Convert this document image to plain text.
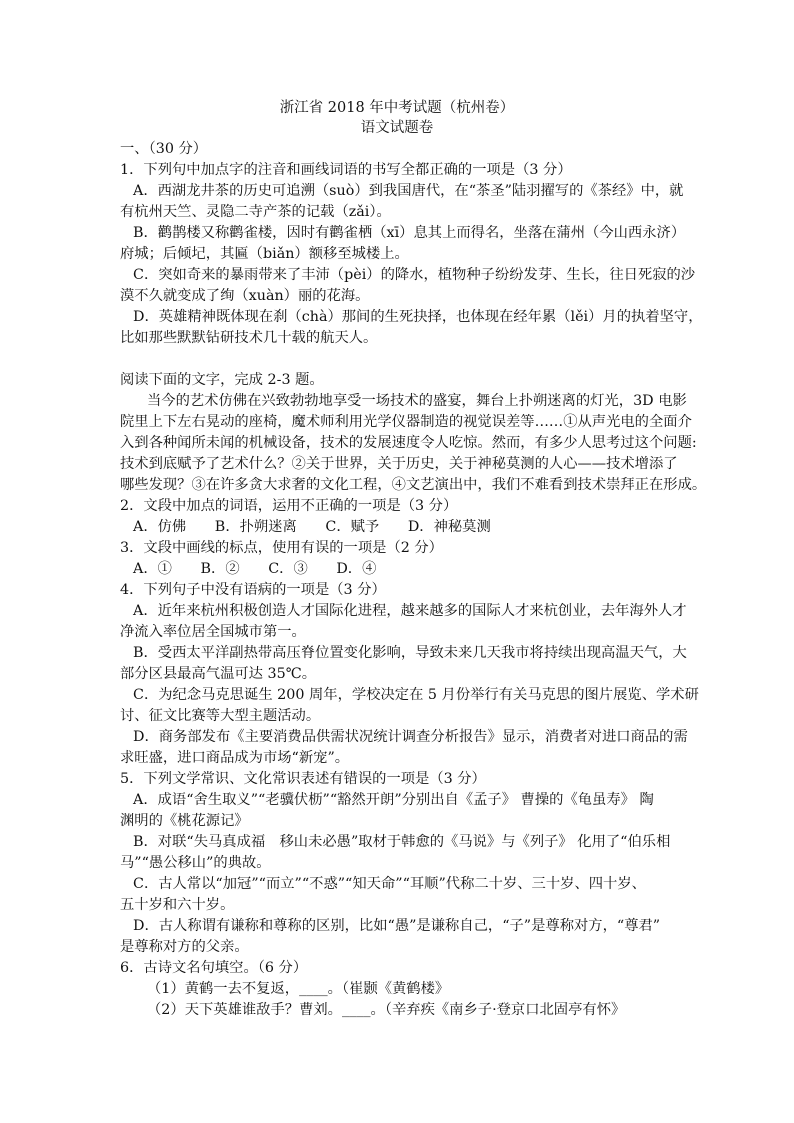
浙江省 2018 年中考试题（杭州卷）
语文试题卷
一、（30 分）
1．下列句中加点字的注音和画线词语的书写全都正确的一项是（3 分）
A．西湖龙井茶的历史可追溯（suò）到我国唐代，在“茶圣”陆羽擢写的《茶经》中，就
有杭州天竺、灵隐二寺产茶的记载（zǎi）。
B．鹳鹊楼又称鹳雀楼，因时有鹳雀栖（xī）息其上而得名，坐落在蒲州（今山西永济）
府城；后倾圮，其匾（biǎn）额移至城楼上。
C．突如奇来的暴雨带来了丰沛（pèi）的降水，植物种子纷纷发芽、生长，往日死寂的沙
漠不久就变成了绚（xuàn）丽的花海。
D．英雄精神既体现在刹（chà）那间的生死抉择，也体现在经年累（lěi）月的执着坚守，
比如那些默默钻研技术几十载的航天人。
阅读下面的文字，完成 2-3 题。
当今的艺术仿佛在兴致勃勃地享受一场技术的盛宴，舞台上扑朔迷离的灯光，3D 电影
院里上下左右晃动的座椅，魔术师利用光学仪器制造的视觉误差等……①从声光电的全面介
入到各种闻所未闻的机械设备，技术的发展速度令人吃惊。然而，有多少人思考过这个问题:
技术到底赋予了艺术什么？②关于世界，关于历史，关于神秘莫测的人心——技术增添了
哪些发现？③在许多贪大求奢的文化工程，④文艺演出中，我们不难看到技术崇拜正在形成。
2．文段中加点的词语，运用不正确的一项是（3 分）
A．仿佛　　B．扑朔迷离　　C．赋予　　D．神秘莫测
3．文段中画线的标点，使用有误的一项是（2 分）
A．①　　B．②　　C．③　　D．④
4．下列句子中没有语病的一项是（3 分）
A．近年来杭州积极创造人才国际化进程，越来越多的国际人才来杭创业，去年海外人才
净流入率位居全国城市第一。
B．受西太平洋副热带高压脊位置变化影响，导致未来几天我市将持续出现高温天气，大
部分区县最高气温可达 35℃。
C．为纪念马克思诞生 200 周年，学校决定在 5 月份举行有关马克思的图片展览、学术研
讨、征文比赛等大型主题活动。
D．商务部发布《主要消费品供需状况统计调查分析报告》显示，消费者对进口商品的需
求旺盛，进口商品成为市场“新宠”。
5．下列文学常识、文化常识表述有错误的一项是（3 分）
A．成语“舍生取义”“老骥伏枥”“豁然开朗”分别出自《孟子》 曹操的《龟虽寿》 陶
渊明的《桃花源记》
B．对联“失马真成福　移山未必愚”取材于韩愈的《马说》与《列子》 化用了“伯乐相
马”“愚公移山”的典故。
C．古人常以“加冠”“而立”“不惑”“知天命”“耳顺”代称二十岁、三十岁、四十岁、
五十岁和六十岁。
D．古人称谓有谦称和尊称的区别，比如“愚”是谦称自己，“子”是尊称对方，“尊君”
是尊称对方的父亲。
6．古诗文名句填空。（6 分）
（1）黄鹤一去不复返，____。（崔颢《黄鹤楼》
（2）天下英雄谁敌手？曹刘。____。（辛弃疾《南乡子·登京口北固亭有怀》
